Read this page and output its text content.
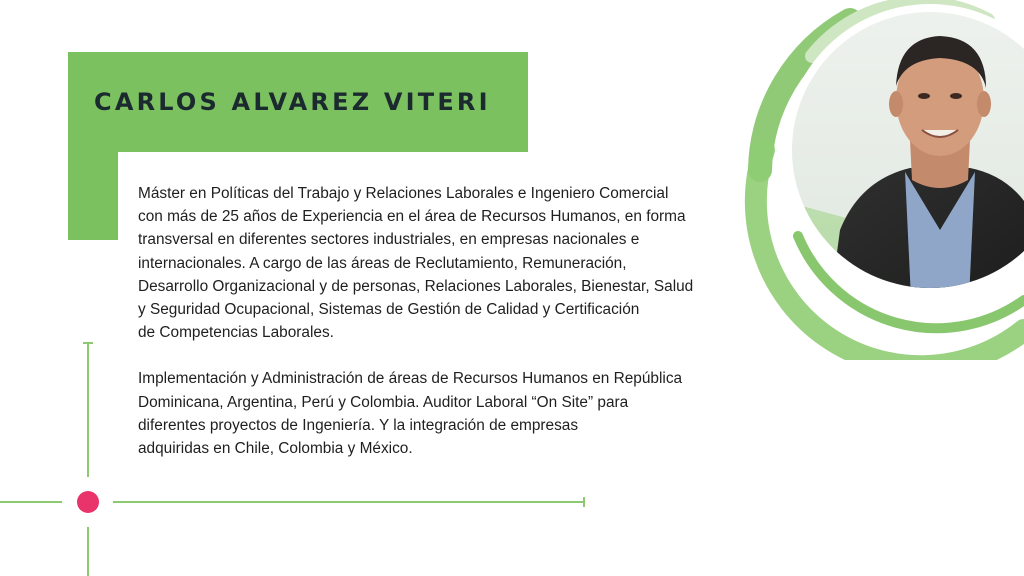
CARLOS ALVAREZ VITERI

Máster en Políticas del Trabajo y Relaciones Laborales e Ingeniero Comercial
con más de 25 años de Experiencia en el área de Recursos Humanos, en forma
transversal en diferentes sectores industriales, en empresas nacionales e
internacionales. A cargo de las áreas de Reclutamiento, Remuneración,
Desarrollo Organizacional y de personas, Relaciones Laborales, Bienestar, Salud
y Seguridad Ocupacional, Sistemas de Gestión de Calidad y Certificación
de Competencias Laborales.

Implementación y Administración de áreas de Recursos Humanos en República
Dominicana, Argentina, Perú y Colombia. Auditor Laboral “On Site” para
diferentes proyectos de Ingeniería. Y la integración de empresas
adquiridas en Chile, Colombia y México.
